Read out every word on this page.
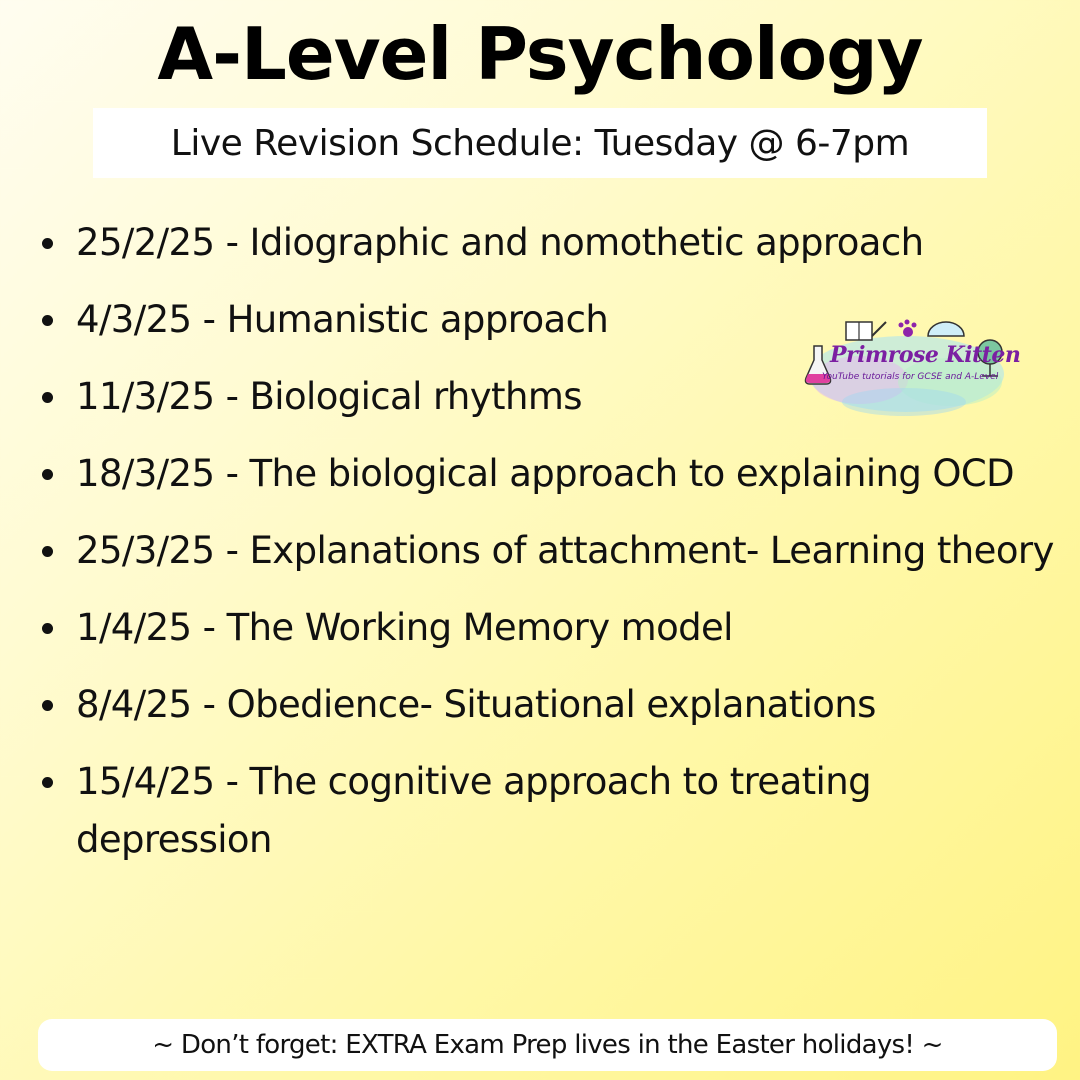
A-Level Psychology
Live Revision Schedule: Tuesday @ 6-7pm
25/2/25 - Idiographic and nomothetic approach
4/3/25 - Humanistic approach
11/3/25 - Biological rhythms
18/3/25 - The biological approach to explaining OCD
25/3/25 - Explanations of attachment- Learning theory
1/4/25 - The Working Memory model
8/4/25 - Obedience- Situational explanations
15/4/25 - The cognitive approach to treating depression
Primrose Kitten
YouTube tutorials for GCSE and A-Level
~ Don’t forget: EXTRA Exam Prep lives in the Easter holidays! ~
